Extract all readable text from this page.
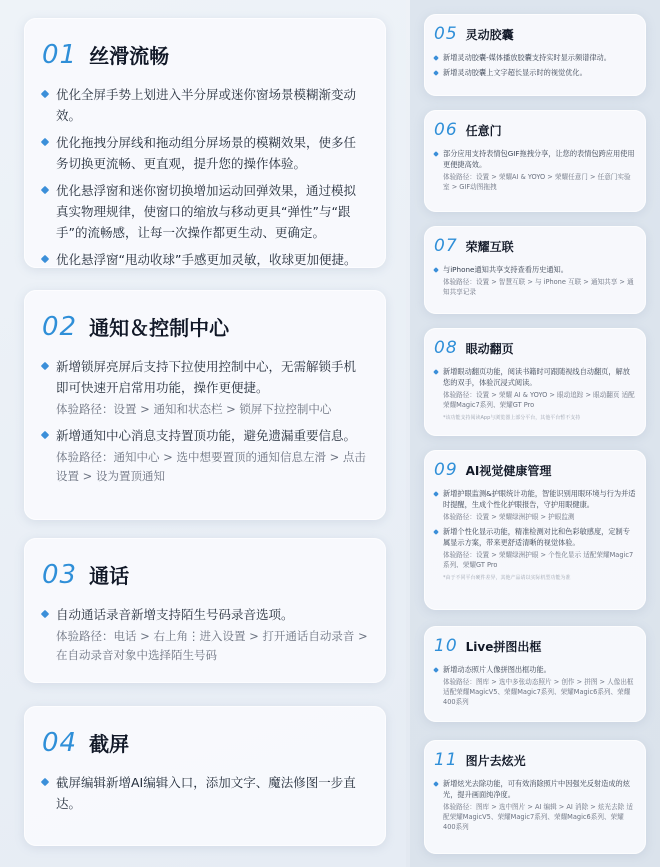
01 丝滑流畅
优化全屏手势上划进入半分屏或迷你窗场景模糊渐变动效。
优化拖拽分屏线和拖动组分屏场景的模糊效果，使多任务切换更流畅、更直观，提升您的操作体验。
优化悬浮窗和迷你窗切换增加运动回弹效果，通过模拟真实物理规律，使窗口的缩放与移动更具“弹性”与“跟手”的流畅感，让每一次操作都更生动、更确定。
优化悬浮窗“甩动收球”手感更加灵敏，收球更加便捷。
02 通知＆控制中心
新增锁屏亮屏后支持下拉使用控制中心，无需解锁手机即可快速开启常用功能，操作更便捷。
体验路径：设置 > 通知和状态栏 > 锁屏下拉控制中心
新增通知中心消息支持置顶功能，避免遗漏重要信息。
体验路径：通知中心 > 选中想要置顶的通知信息左滑 > 点击设置 > 设为置顶通知
03 通话
自动通话录音新增支持陌生号码录音选项。
体验路径：电话 > 右上角⋮进入设置 > 打开通话自动录音 > 在自动录音对象中选择陌生号码
04 截屏
截屏编辑新增AI编辑入口，添加文字、魔法修图一步直达。
05 灵动胶囊
新增灵动胶囊-媒体播放胶囊支持实时显示频谱律动。
新增灵动胶囊上文字超长显示时的视觉优化。
06 任意门
部分应用支持表情包GIF拖拽分享，让您的表情包跨应用使用更便捷高效。
体验路径：设置 > 荣耀AI & YOYO > 荣耀任意门 > 任意门实验室 > GIF动图拖拽
07 荣耀互联
与iPhone通知共享支持查看历史通知。
体验路径：设置 > 智慧互联 > 与 iPhone 互联 > 通知共享 > 通知共享记录
08 眼动翻页
新增眼动翻页功能，阅读书籍时可跟随视线自动翻页，解放您的双手，体验沉浸式阅读。
体验路径：设置 > 荣耀 AI & YOYO > 眼动追踪 > 眼动翻页 适配荣耀Magic7系列、荣耀GT Pro
*该功能支持阅读App与浏览器上部分平台，其他平台暂不支持
09 AI视觉健康管理
新增护眼监测&护眼统计功能，智能识别用眼环境与行为并适时提醒，生成个性化护眼报告，守护用眼健康。
体验路径：设置 > 荣耀绿洲护眼 > 护眼监测
新增个性化显示功能，精准检测对比和色彩敏感度，定制专属显示方案，带来更舒适清晰的视觉体验。
体验路径：设置 > 荣耀绿洲护眼 > 个性化显示 适配荣耀Magic7系列、荣耀GT Pro
*由于不同平台硬件差异，其他产品请以实际机型功能为准
10 Live拼图出框
新增动态照片人像拼图出框功能。
体验路径：图库 > 选中多张动态照片 > 创作 > 拼图 > 人像出框 适配荣耀MagicV5、荣耀Magic7系列、荣耀Magic6系列、荣耀400系列
11 图片去炫光
新增炫光去除功能，可有效消除照片中因强光反射造成的炫光，提升画面纯净度。
体验路径：图库 > 选中图片 > AI 编辑 > AI 消除 > 炫光去除 适配荣耀MagicV5、荣耀Magic7系列、荣耀Magic6系列、荣耀400系列
